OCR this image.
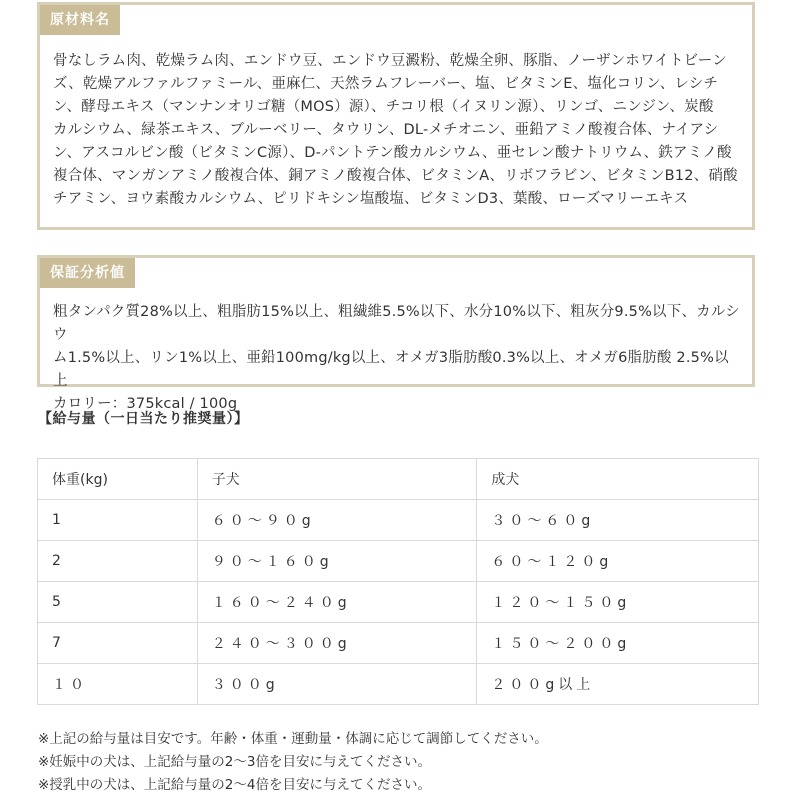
原材料名
骨なしラム肉、乾燥ラム肉、エンドウ豆、エンドウ豆澱粉、乾燥全卵、豚脂、ノーザンホワイトビーン
ズ、乾燥アルファルファミール、亜麻仁、天然ラムフレーバー、塩、ビタミンE、塩化コリン、レシチ
ン、酵母エキス（マンナンオリゴ糖（MOS）源）、チコリ根（イヌリン源）、リンゴ、ニンジン、炭酸
カルシウム、緑茶エキス、ブルーベリー、タウリン、DL-メチオニン、亜鉛アミノ酸複合体、ナイアシ
ン、アスコルビン酸（ビタミンC源）、D-パントテン酸カルシウム、亜セレン酸ナトリウム、鉄アミノ酸
複合体、マンガンアミノ酸複合体、銅アミノ酸複合体、ビタミンA、リボフラビン、ビタミンB12、硝酸
チアミン、ヨウ素酸カルシウム、ピリドキシン塩酸塩、ビタミンD3、葉酸、ローズマリーエキス
保証分析値
粗タンパク質28%以上、粗脂肪15%以上、粗繊維5.5%以下、水分10%以下、粗灰分9.5%以下、カルシウ
ム1.5%以上、リン1%以上、亜鉛100mg/kg以上、オメガ3脂肪酸0.3%以上、オメガ6脂肪酸 2.5%以上
カロリー：375kcal / 100g
【給与量（一日当たり推奨量）】
体重(kg)	子犬	成犬
1	６０〜９０g	３０〜６０g
2	９０〜１６０g	６０〜１２０g
5	１６０〜２４０g	１２０〜１５０g
7	２４０〜３００g	１５０〜２００g
１０	３００g	２００g以上
※上記の給与量は目安です。年齢・体重・運動量・体調に応じて調節してください。
※妊娠中の犬は、上記給与量の2〜3倍を目安に与えてください。
※授乳中の犬は、上記給与量の2〜4倍を目安に与えてください。
